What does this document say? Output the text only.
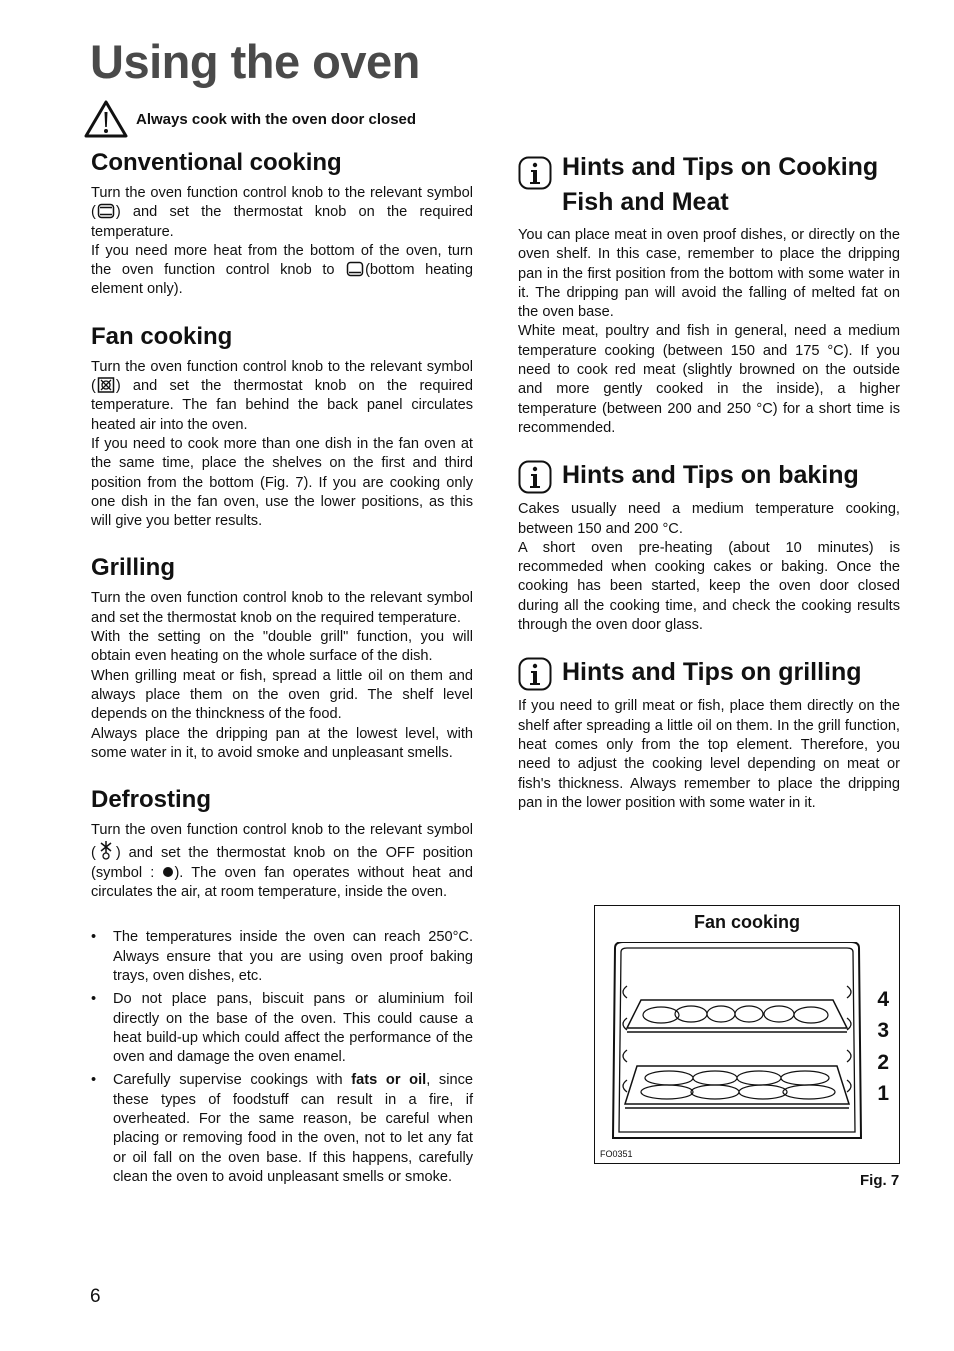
Using the oven
Always cook with the oven door closed
Conventional cooking

Turn the oven function control knob to the relevant symbol ( ) and set the thermostat knob on the required temperature.

If you need more heat from the bottom of the oven, turn the oven function control knob to
(bottom heating element only).

Fan cooking

Turn the oven function control knob to the relevant symbol ( ) and set the thermostat knob on the required temperature. The fan behind the back panel circulates heated air into the oven.

If you need to cook more than one dish in the fan oven at the same time, place the shelves on the first and third position from the bottom (Fig. 7). If you are cooking only one dish in the fan oven, use the lower positions, as this will give you better results.

Grilling

Turn the oven function control knob to the relevant symbol and set the thermostat knob on the required temperature.

With the setting on the "double grill" function, you will obtain even heating on the whole surface of the dish.

When grilling meat or fish, spread a little oil on them and always place them on the oven grid. The shelf level depends on the thinckness of the food.

Always place the dripping pan at the lowest level, with some water in it, to avoid smoke and unpleasant smells.

Defrosting

Turn the oven function control knob to the relevant symbol ( ) and set the thermostat knob on the OFF position (symbol : ). The oven fan operates without heat and circulates the air, at room temperature, inside the oven.

• The temperatures inside the oven can reach 250°C. Always ensure that you are using oven proof baking trays, oven dishes, etc.
• Do not place pans, biscuit pans or aluminium foil directly on the base of the oven. This could cause a heat build-up which could affect the performance of the oven and damage the oven enamel.
• Carefully supervise cookings with fats or oil, since these types of foodstuff can result in a fire, if overheated. For the same reason, be careful when placing or removing food in the oven, not to let any fat or oil fall on the oven base. If this happens, carefully clean the oven to avoid unpleasant smells or smoke.
Hints and Tips on Cooking
Fish and Meat

You can place meat in oven proof dishes, or directly on the oven shelf. In this case, remember to place the dripping pan in the first position from the bottom with some water in it. The dripping pan will avoid the falling of melted fat on the oven base.

White meat, poultry and fish in general, need a medium temperature cooking (between 150 and 175 °C). If you need to cook red meat (slightly browned on the outside and more gently cooked in the inside), a higher temperature (between 200 and 250 °C) for a short time is recommended.

Hints and Tips on baking

Cakes usually need a medium temperature cooking, between 150 and 200 °C.

A short oven pre-heating (about 10 minutes) is recommeded when cooking cakes or baking. Once the cooking has been started, keep the oven door closed during all the cooking time, and check the cooking results through the oven door glass.

Hints and Tips on grilling

If you need to grill meat or fish, place them directly on the shelf after spreading a little oil on them. In the grill function, heat comes only from the top element. Therefore, you need to adjust the cooking level depending on meat or fish's thickness. Always remember to place the dripping pan in the lower position with some water in it.

Fan cooking
4
3
2
1
FO0351
Fig. 7
6
